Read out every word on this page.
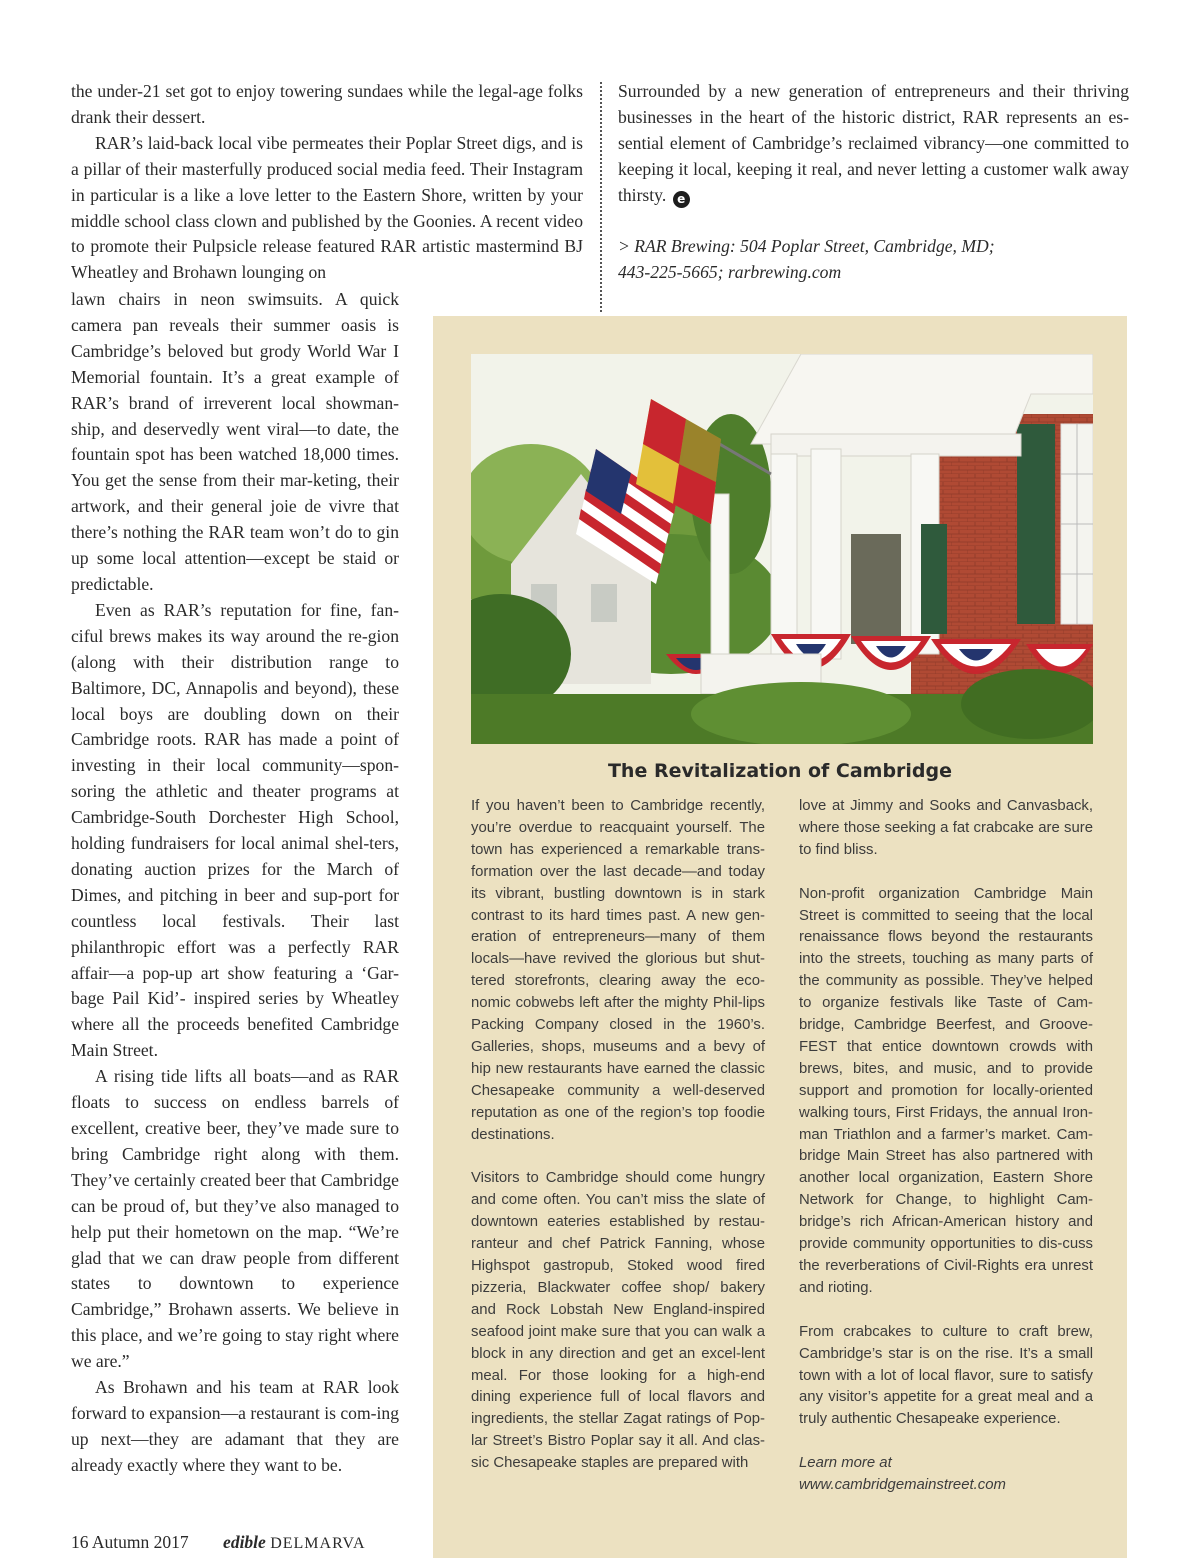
the under-21 set got to enjoy towering sundaes while the legal-age folks drank their dessert.

RAR’s laid-back local vibe permeates their Poplar Street digs, and is a pillar of their masterfully produced social media feed. Their Instagram in particular is a like a love letter to the Eastern Shore, written by your middle school class clown and published by the Goonies. A recent video to promote their Pulpsicle release featured RAR artistic mastermind BJ Wheatley and Brohawn lounging on

lawn chairs in neon swimsuits. A quick camera pan reveals their summer oasis is Cambridge’s beloved but grody World War I Memorial fountain. It’s a great example of RAR’s brand of irreverent local showman-ship, and deservedly went viral—to date, the fountain spot has been watched 18,000 times. You get the sense from their mar-keting, their artwork, and their general joie de vivre that there’s nothing the RAR team won’t do to gin up some local attention—except be staid or predictable.

Even as RAR’s reputation for fine, fan-ciful brews makes its way around the re-gion (along with their distribution range to Baltimore, DC, Annapolis and beyond), these local boys are doubling down on their Cambridge roots. RAR has made a point of investing in their local community—spon-soring the athletic and theater programs at Cambridge-South Dorchester High School, holding fundraisers for local animal shel-ters, donating auction prizes for the March of Dimes, and pitching in beer and sup-port for countless local festivals. Their last philanthropic effort was a perfectly RAR affair—a pop-up art show featuring a ‘Gar-bage Pail Kid’- inspired series by Wheatley where all the proceeds benefited Cambridge Main Street.

A rising tide lifts all boats—and as RAR floats to success on endless barrels of excellent, creative beer, they’ve made sure to bring Cambridge right along with them. They’ve certainly created beer that Cambridge can be proud of, but they’ve also managed to help put their hometown on the map. “We’re glad that we can draw people from different states to downtown to experience Cambridge,” Brohawn asserts. We believe in this place, and we’re going to stay right where we are.”

As Brohawn and his team at RAR look forward to expansion—a restaurant is com-ing up next—they are adamant that they are already exactly where they want to be.

Surrounded by a new generation of entrepreneurs and their thriving businesses in the heart of the historic district, RAR represents an es-sential element of Cambridge’s reclaimed vibrancy—one committed to keeping it local, keeping it real, and never letting a customer walk away thirsty. e

> RAR Brewing: 504 Poplar Street, Cambridge, MD;
443-225-5665; rarbrewing.com

The Revitalization of Cambridge

If you haven’t been to Cambridge recently, you’re overdue to reacquaint yourself. The town has experienced a remarkable trans-formation over the last decade—and today its vibrant, bustling downtown is in stark contrast to its hard times past. A new gen-eration of entrepreneurs—many of them locals—have revived the glorious but shut-tered storefronts, clearing away the eco-nomic cobwebs left after the mighty Phil-lips Packing Company closed in the 1960’s. Galleries, shops, museums and a bevy of hip new restaurants have earned the classic Chesapeake community a well-deserved reputation as one of the region’s top foodie destinations.

Visitors to Cambridge should come hungry and come often. You can’t miss the slate of downtown eateries established by restau-ranteur and chef Patrick Fanning, whose Highspot gastropub, Stoked wood fired pizzeria, Blackwater coffee shop/ bakery and Rock Lobstah New England-inspired seafood joint make sure that you can walk a block in any direction and get an excel-lent meal. For those looking for a high-end dining experience full of local flavors and ingredients, the stellar Zagat ratings of Pop-lar Street’s Bistro Poplar say it all. And clas-sic Chesapeake staples are prepared with

love at Jimmy and Sooks and Canvasback, where those seeking a fat crabcake are sure to find bliss.

Non-profit organization Cambridge Main Street is committed to seeing that the local renaissance flows beyond the restaurants into the streets, touching as many parts of the community as possible. They’ve helped to organize festivals like Taste of Cam-bridge, Cambridge Beerfest, and Groove-FEST that entice downtown crowds with brews, bites, and music, and to provide support and promotion for locally-oriented walking tours, First Fridays, the annual Iron-man Triathlon and a farmer’s market. Cam-bridge Main Street has also partnered with another local organization, Eastern Shore Network for Change, to highlight Cam-bridge’s rich African-American history and provide community opportunities to dis-cuss the reverberations of Civil-Rights era unrest and rioting.

From crabcakes to culture to craft brew, Cambridge’s star is on the rise. It’s a small town with a lot of local flavor, sure to satisfy any visitor’s appetite for a great meal and a truly authentic Chesapeake experience.

Learn more at www.cambridgemainstreet.com

16 Autumn 2017 edible DELMARVA
